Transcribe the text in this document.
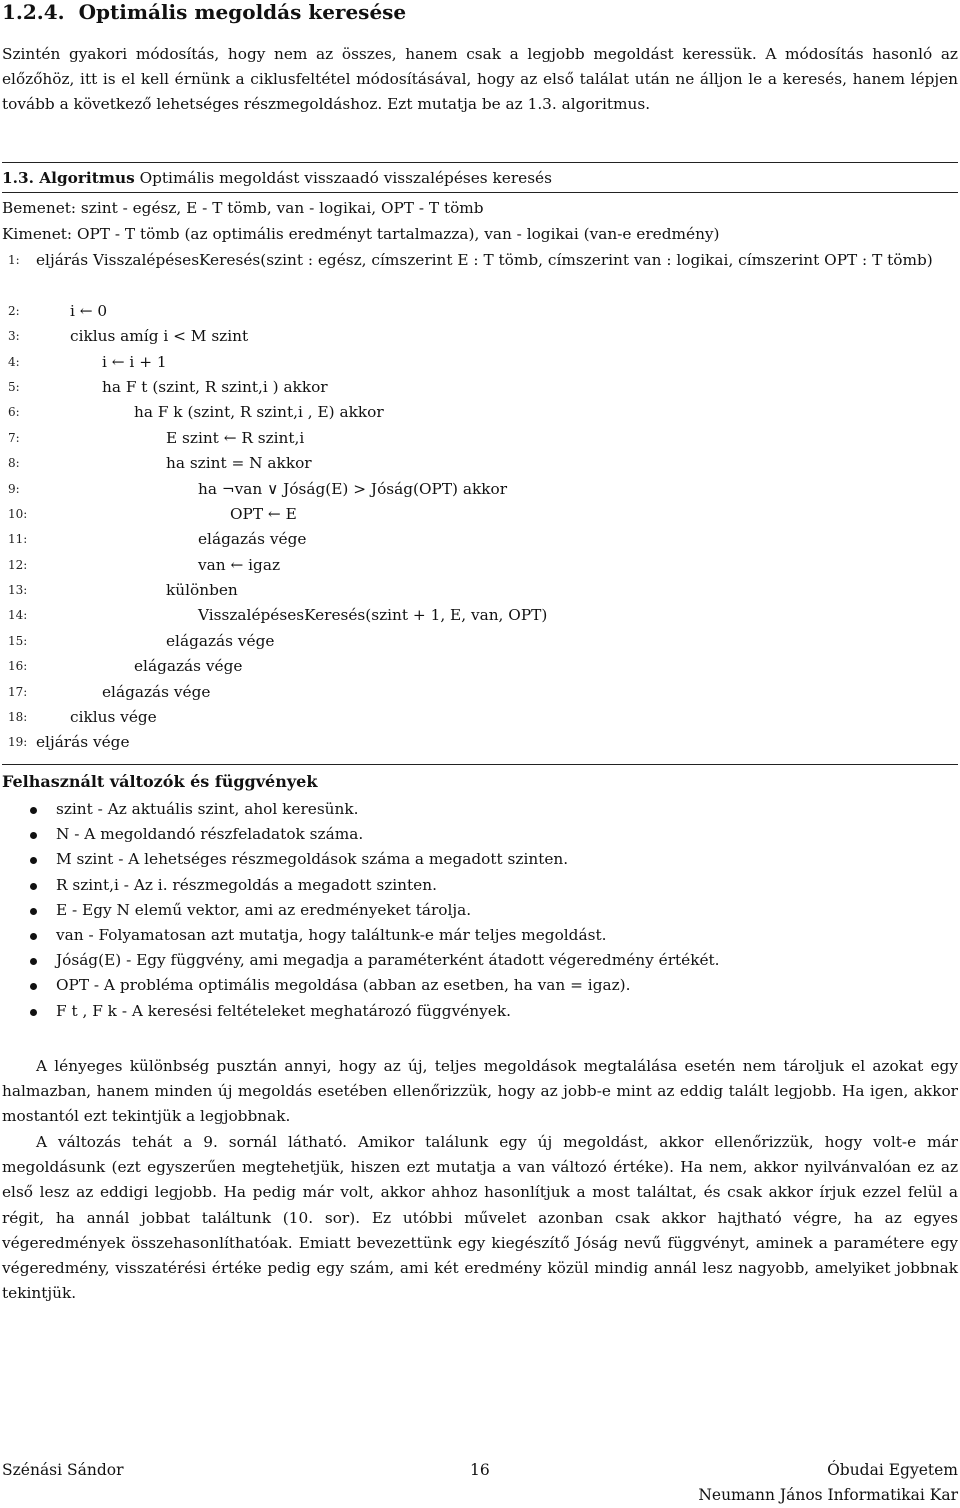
1.2.4. Optimális megoldás keresése
Szintén gyakori módosítás, hogy nem az összes, hanem csak a legjobb megoldást keressük. A módosítás hasonló az előzőhöz, itt is el kell érnünk a ciklusfeltétel módosításával, hogy az első találat után ne álljon le a keresés, hanem lépjen tovább a következő lehetséges részmegoldáshoz. Ezt mutatja be az 1.3. algoritmus.
1.3. Algoritmus Optimális megoldást visszaadó visszalépéses keresés
Bemenet: szint - egész, E - T tömb, van - logikai, OPT - T tömb
Kimenet: OPT - T tömb (az optimális eredményt tartalmazza), van - logikai (van-e eredmény)
1:	eljárás VisszalépésesKeresés(szint : egész, címszerint E : T tömb, címszerint van : logikai, címszerint OPT : T tömb)
2:	i ← 0
3:	ciklus amíg i < M szint
4:	i ← i + 1
5:	ha F t (szint, R szint,i ) akkor
6:	ha F k (szint, R szint,i , E) akkor
7:	E szint ← R szint,i
8:	ha szint = N akkor
9:	ha ¬van ∨ Jóság(E) > Jóság(OPT) akkor
10:	OPT ← E
11:	elágazás vége
12:	van ← igaz
13:	különben
14:	VisszalépésesKeresés(szint + 1, E, van, OPT)
15:	elágazás vége
16:	elágazás vége
17:	elágazás vége
18:	ciklus vége
19: eljárás vége
Felhasznált változók és függvények
szint - Az aktuális szint, ahol keresünk.
N - A megoldandó részfeladatok száma.
M szint - A lehetséges részmegoldások száma a megadott szinten.
R szint,i - Az i. részmegoldás a megadott szinten.
E - Egy N elemű vektor, ami az eredményeket tárolja.
van - Folyamatosan azt mutatja, hogy találtunk-e már teljes megoldást.
Jóság(E) - Egy függvény, ami megadja a paraméterként átadott végeredmény értékét.
OPT - A probléma optimális megoldása (abban az esetben, ha van = igaz).
F t , F k - A keresési feltételeket meghatározó függvények.
A lényeges különbség pusztán annyi, hogy az új, teljes megoldások megtalálása esetén nem tároljuk el azokat egy halmazban, hanem minden új megoldás esetében ellenőrizzük, hogy az jobb-e mint az eddig talált legjobb. Ha igen, akkor mostantól ezt tekintjük a legjobbnak.
A változás tehát a 9. sornál látható. Amikor találunk egy új megoldást, akkor ellenőrizzük, hogy volt-e már megoldásunk (ezt egyszerűen megtehetjük, hiszen ezt mutatja a van változó értéke). Ha nem, akkor nyilvánvalóan ez az első lesz az eddigi legjobb. Ha pedig már volt, akkor ahhoz hasonlítjuk a most találtat, és csak akkor írjuk ezzel felül a régit, ha annál jobbat találtunk (10. sor). Ez utóbbi művelet azonban csak akkor hajtható végre, ha az egyes végeredmények összehasonlíthatóak. Emiatt bevezettünk egy kiegészítő Jóság nevű függvényt, aminek a paramétere egy végeredmény, visszatérési értéke pedig egy szám, ami két eredmény közül mindig annál lesz nagyobb, amelyiket jobbnak tekintjük.
Szénási Sándor	16	Óbudai Egyetem
Neumann János Informatikai Kar
